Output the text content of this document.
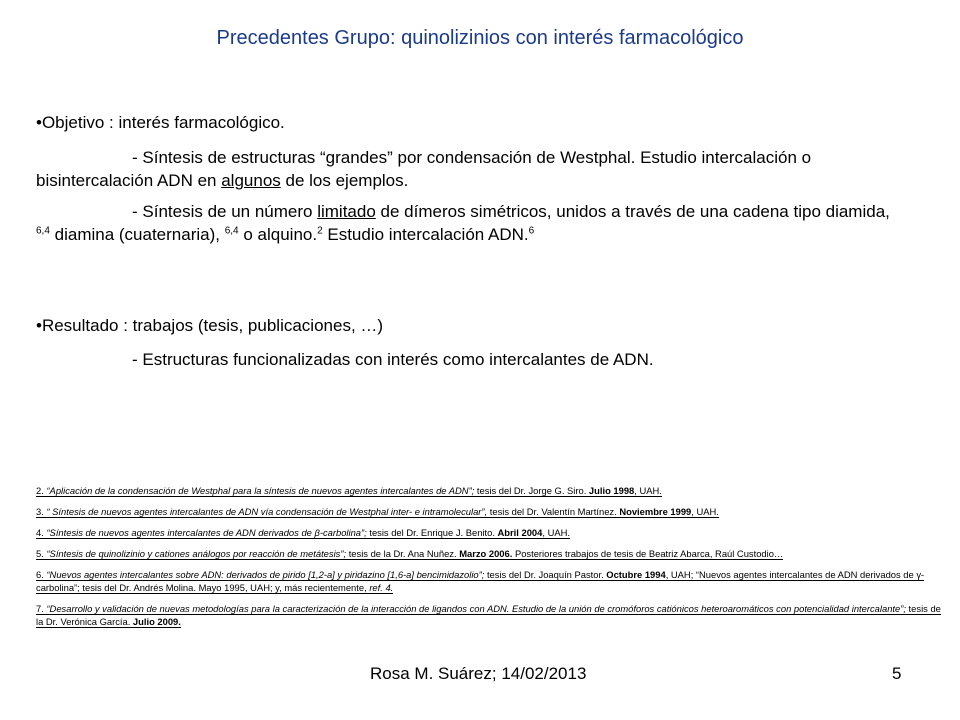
Precedentes Grupo: quinolizinios con interés farmacológico
•Objetivo : interés farmacológico.
- Síntesis de estructuras “grandes” por condensación de Westphal. Estudio intercalación o bisintercalación ADN en algunos de los ejemplos.
- Síntesis de un número limitado de dímeros simétricos, unidos a través de una cadena tipo diamida, $^{6,4}$ diamina (cuaternaria), $^{6,4}$ o alquino.$^2$ Estudio intercalación ADN.$^6$
•Resultado : trabajos (tesis, publicaciones, …)
- Estructuras funcionalizadas con interés como intercalantes de ADN.
2. “Aplicación de la condensación de Westphal para la síntesis de nuevos agentes intercalantes de ADN”; tesis del Dr. Jorge G. Siro. Julio 1998, UAH.
3. “ Síntesis de nuevos agentes intercalantes de ADN vía condensación de Westphal inter- e intramolecular”, tesis del Dr. Valentín Martínez. Noviembre 1999, UAH.
4. “Síntesis de nuevos agentes intercalantes de ADN derivados de β-carbolina”; tesis del Dr. Enrique J. Benito. Abril 2004, UAH.
5. “Síntesis de quinolizinio y cationes análogos por reacción de metátesis”; tesis de la Dr. Ana Nuñez. Marzo 2006. Posteriores trabajos de tesis de Beatriz Abarca, Raúl Custodio…
6. “Nuevos agentes intercalantes sobre ADN: derivados de pirido [1,2-a] y piridazino [1,6-a] bencimidazolio”; tesis del Dr. Joaquín Pastor. Octubre 1994, UAH; “Nuevos agentes intercalantes de ADN derivados de γ-carbolina”; tesis del Dr. Andrés Molina. Mayo 1995, UAH; y, más recientemente, ref. 4.
7. “Desarrollo y validación de nuevas metodologías para la caracterización de la interacción de ligandos con ADN. Estudio de la unión de cromóforos catiónicos heteroaromáticos con potencialidad intercalante”; tesis de la Dr. Verónica García. Julio 2009.
Rosa M. Suárez; 14/02/2013	5
